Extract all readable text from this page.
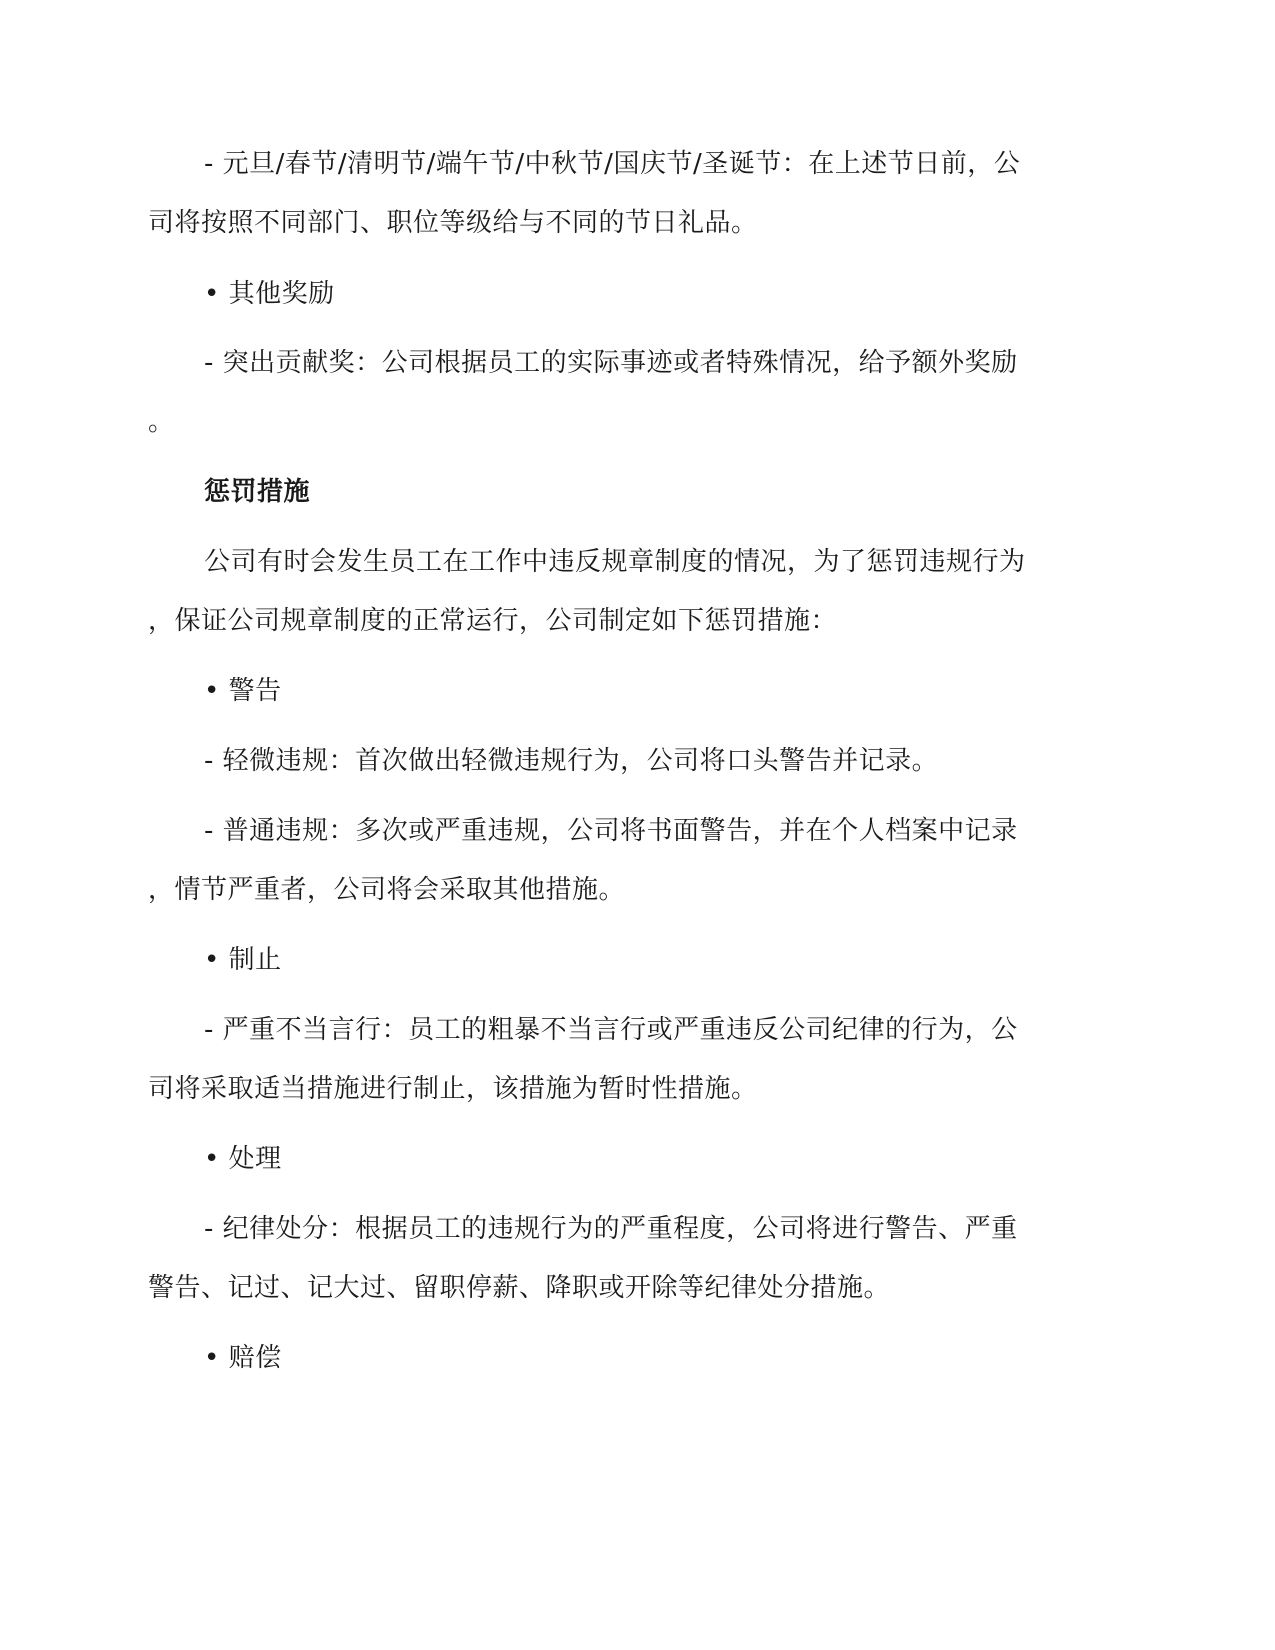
- 元旦/春节/清明节/端午节/中秋节/国庆节/圣诞节：在上述节日前，公
司将按照不同部门、职位等级给与不同的节日礼品。

• 其他奖励

- 突出贡献奖：公司根据员工的实际事迹或者特殊情况，给予额外奖励
。

惩罚措施

公司有时会发生员工在工作中违反规章制度的情况，为了惩罚违规行为
，保证公司规章制度的正常运行，公司制定如下惩罚措施：

• 警告

- 轻微违规：首次做出轻微违规行为，公司将口头警告并记录。

- 普通违规：多次或严重违规，公司将书面警告，并在个人档案中记录
，情节严重者，公司将会采取其他措施。

• 制止

- 严重不当言行：员工的粗暴不当言行或严重违反公司纪律的行为，公
司将采取适当措施进行制止，该措施为暂时性措施。

• 处理

- 纪律处分：根据员工的违规行为的严重程度，公司将进行警告、严重
警告、记过、记大过、留职停薪、降职或开除等纪律处分措施。

• 赔偿
